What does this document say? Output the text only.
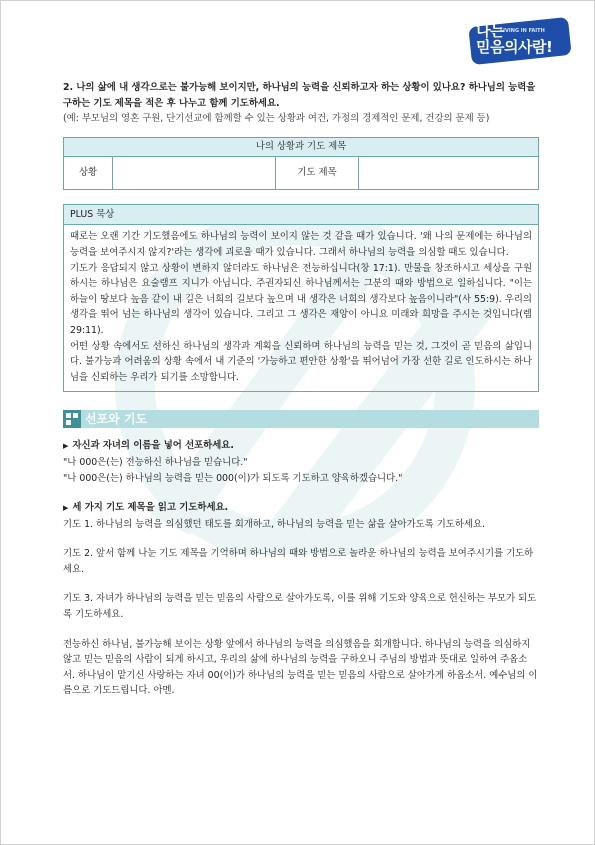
나는
LIVING IN FAITH
믿음의사람!
2. 나의 삶에 내 생각으로는 불가능해 보이지만, 하나님의 능력을 신뢰하고자 하는 상황이 있나요? 하나님의 능력을 구하는 기도 제목을 적은 후 나누고 함께 기도하세요.
(예: 부모님의 영혼 구원, 단기선교에 함께할 수 있는 상황과 여건, 가정의 경제적인 문제, 건강의 문제 등)
나의 상황과 기도 제목
상황		기도 제목	
PLUS 묵상
때로는 오랜 기간 기도했음에도 하나님의 능력이 보이지 않는 것 같을 때가 있습니다. '왜 나의 문제에는 하나님의 능력을 보여주시지 않지?'라는 생각에 괴로울 때가 있습니다. 그래서 하나님의 능력을 의심할 때도 있습니다.
기도가 응답되지 않고 상황이 변하지 않더라도 하나님은 전능하십니다(창 17:1). 만물을 창조하시고 세상을 구원하시는 하나님은 요술램프 지니가 아닙니다. 주권자되신 하나님께서는 그분의 때와 방법으로 일하십니다. "이는 하늘이 땅보다 높음 같이 내 길은 너희의 길보다 높으며 내 생각은 너희의 생각보다 높음이니라"(사 55:9). 우리의 생각을 뛰어 넘는 하나님의 생각이 있습니다. 그리고 그 생각은 재앙이 아니요 미래와 희망을 주시는 것입니다(렘 29:11).
어떤 상황 속에서도 선하신 하나님의 생각과 계획을 신뢰하며 하나님의 능력을 믿는 것, 그것이 곧 믿음의 삶입니다. 불가능과 어려움의 상황 속에서 내 기준의 '가능하고 편안한 상황'을 뛰어넘어 가장 선한 길로 인도하시는 하나님을 신뢰하는 우리가 되기를 소망합니다.
선포와 기도
▶ 자신과 자녀의 이름을 넣어 선포하세요.
"나 000은(는) 전능하신 하나님을 믿습니다."
"나 000은(는) 하나님의 능력을 믿는 000(이)가 되도록 기도하고 양육하겠습니다."
▶ 세 가지 기도 제목을 읽고 기도하세요.
기도 1. 하나님의 능력을 의심했던 태도를 회개하고, 하나님의 능력을 믿는 삶을 살아가도록 기도하세요.
기도 2. 앞서 함께 나눈 기도 제목을 기억하며 하나님의 때와 방법으로 놀라운 하나님의 능력을 보여주시기를 기도하세요.
기도 3. 자녀가 하나님의 능력을 믿는 믿음의 사람으로 살아가도록, 이를 위해 기도와 양육으로 헌신하는 부모가 되도록 기도하세요.
전능하신 하나님, 불가능해 보이는 상황 앞에서 하나님의 능력을 의심했음을 회개합니다. 하나님의 능력을 의심하지 않고 믿는 믿음의 사람이 되게 하시고, 우리의 삶에 하나님의 능력을 구하오니 주님의 방법과 뜻대로 일하여 주옵소서. 하나님이 맡기신 사랑하는 자녀 00(이)가 하나님의 능력을 믿는 믿음의 사람으로 살아가게 하옵소서. 예수님의 이름으로 기도드립니다. 아멘.
